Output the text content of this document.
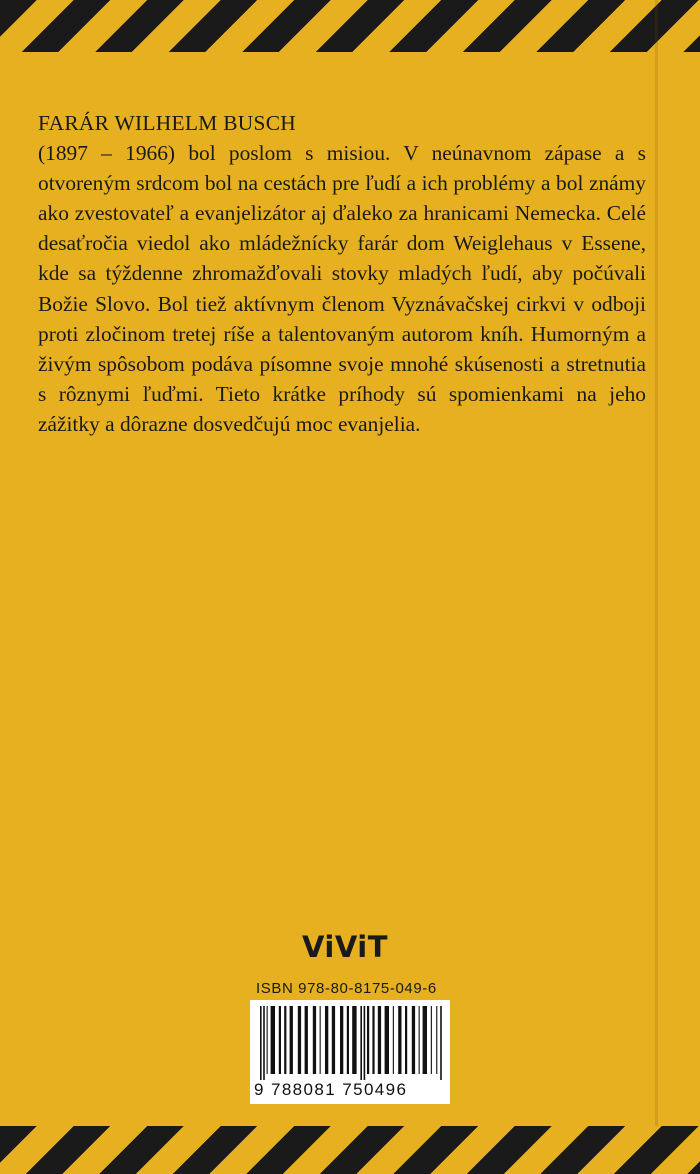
FARÁR WILHELM BUSCH

(1897 – 1966) bol poslom s misiou. V neúnavnom zápase a s otvoreným srdcom bol na cestách pre ľudí a ich problémy a bol známy ako zvestovateľ a evanjelizátor aj ďaleko za hranicami Nemecka. Celé desaťročia viedol ako mládežnícky farár dom Weiglehaus v Essene, kde sa týždenne zhromažďovali stovky mladých ľudí, aby počúvali Božie Slovo. Bol tiež aktívnym členom Vyznávačskej cirkvi v odboji proti zločinom tretej ríše a talentovaným autorom kníh. Humorným a živým spôsobom podáva písomne svoje mnohé skúsenosti a stretnutia s rôznymi ľuďmi. Tieto krátke príhody sú spomienkami na jeho zážitky a dôrazne dosvedčujú moc evanjelia.

ViViT
ISBN 978-80-8175-049-6
9 788081 750496
